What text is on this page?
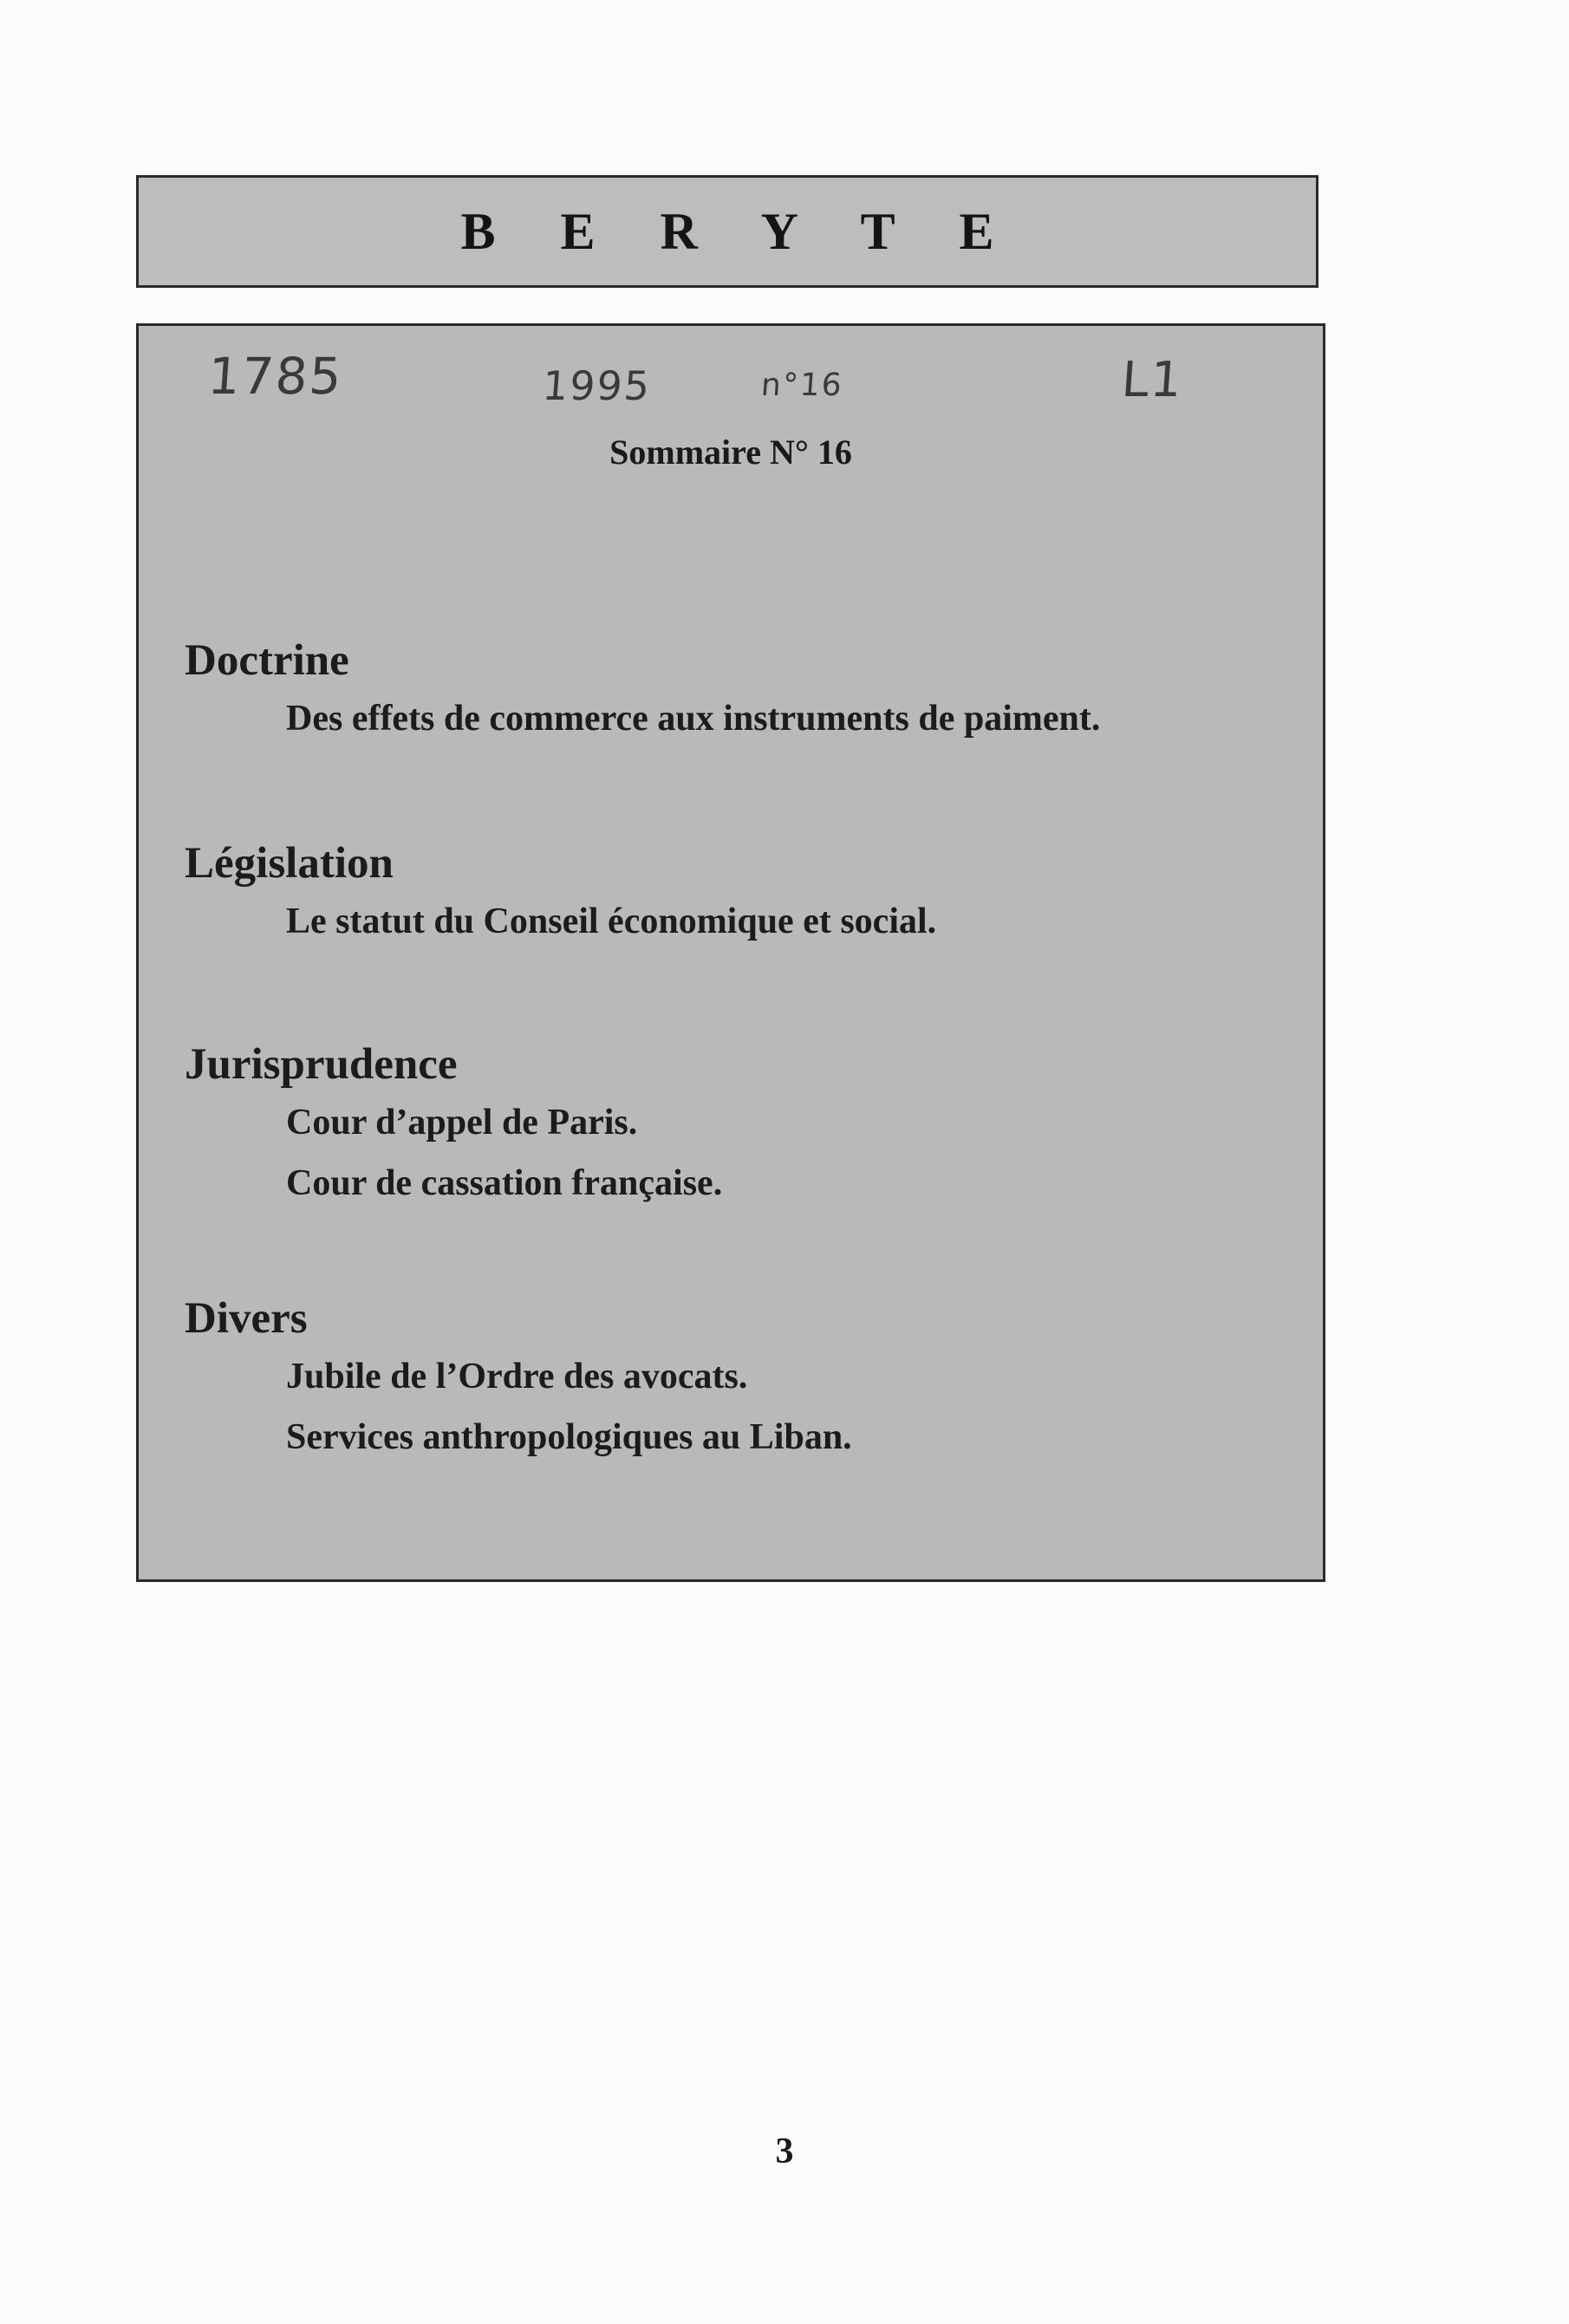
B E R Y T E
1785	1995	n°16	L1
Sommaire N° 16

Doctrine

Des effets de commerce aux instruments de paiment.

Législation

Le statut du Conseil économique et social.

Jurisprudence

Cour d’appel de Paris.

Cour de cassation française.

Divers

Jubile de l’Ordre des avocats.

Services anthropologiques au Liban.

3
